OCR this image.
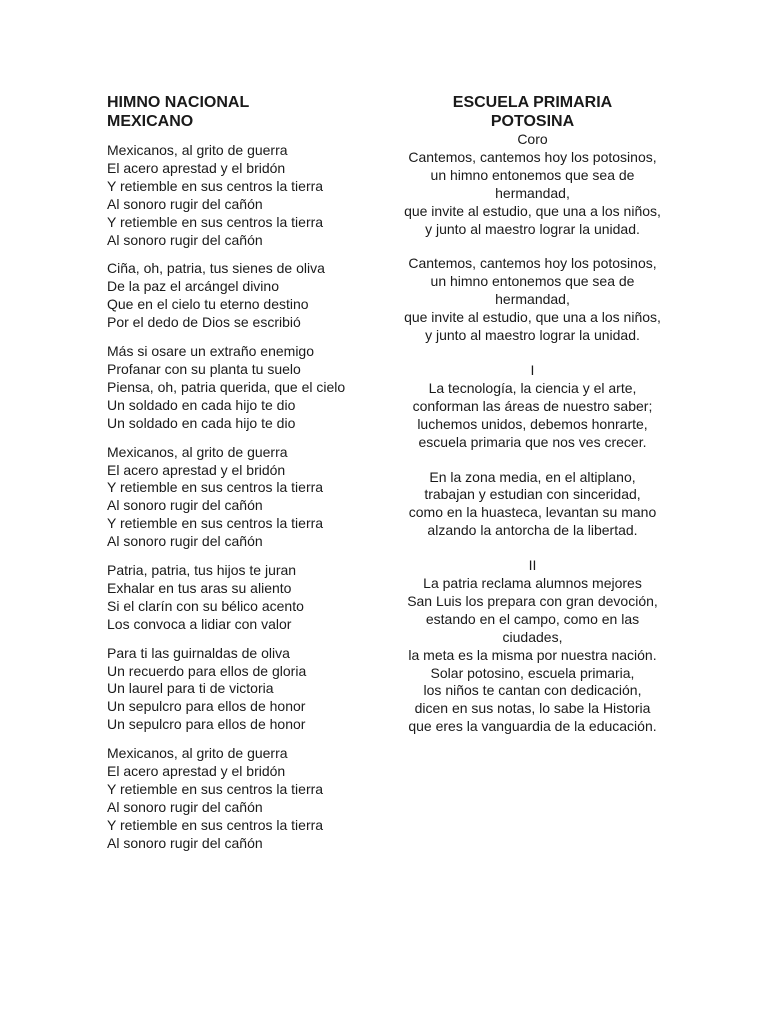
HIMNO NACIONAL
MEXICANO
Mexicanos, al grito de guerra
El acero aprestad y el bridón
Y retiemble en sus centros la tierra
Al sonoro rugir del cañón
Y retiemble en sus centros la tierra
Al sonoro rugir del cañón
Ciña, oh, patria, tus sienes de oliva
De la paz el arcángel divino
Que en el cielo tu eterno destino
Por el dedo de Dios se escribió
Más si osare un extraño enemigo
Profanar con su planta tu suelo
Piensa, oh, patria querida, que el cielo
Un soldado en cada hijo te dio
Un soldado en cada hijo te dio
Mexicanos, al grito de guerra
El acero aprestad y el bridón
Y retiemble en sus centros la tierra
Al sonoro rugir del cañón
Y retiemble en sus centros la tierra
Al sonoro rugir del cañón
Patria, patria, tus hijos te juran
Exhalar en tus aras su aliento
Si el clarín con su bélico acento
Los convoca a lidiar con valor
Para ti las guirnaldas de oliva
Un recuerdo para ellos de gloria
Un laurel para ti de victoria
Un sepulcro para ellos de honor
Un sepulcro para ellos de honor
Mexicanos, al grito de guerra
El acero aprestad y el bridón
Y retiemble en sus centros la tierra
Al sonoro rugir del cañón
Y retiemble en sus centros la tierra
Al sonoro rugir del cañón
ESCUELA PRIMARIA
POTOSINA
Coro
Cantemos, cantemos hoy los potosinos,
un himno entonemos que sea de hermandad,
que invite al estudio, que una a los niños,
y junto al maestro lograr la unidad.
Cantemos, cantemos hoy los potosinos,
un himno entonemos que sea de hermandad,
que invite al estudio, que una a los niños,
y junto al maestro lograr la unidad.
I
La tecnología, la ciencia y el arte,
conforman las áreas de nuestro saber;
luchemos unidos, debemos honrarte,
escuela primaria que nos ves crecer.
En la zona media, en el altiplano,
trabajan y estudian con sinceridad,
como en la huasteca, levantan su mano
alzando la antorcha de la libertad.
II
La patria reclama alumnos mejores
San Luis los prepara con gran devoción,
estando en el campo, como en las ciudades,
la meta es la misma por nuestra nación.
Solar potosino, escuela primaria,
los niños te cantan con dedicación,
dicen en sus notas, lo sabe la Historia
que eres la vanguardia de la educación.
